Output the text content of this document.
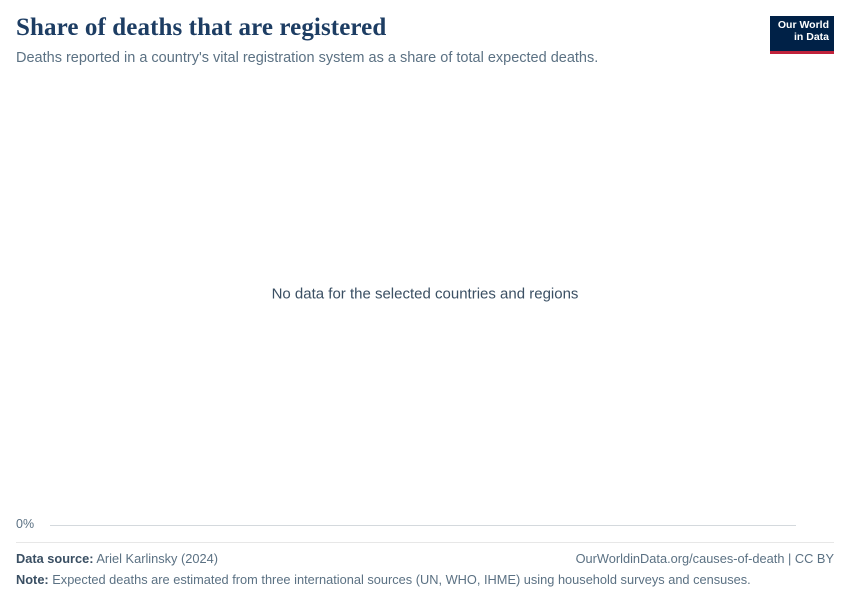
Share of deaths that are registered

Deaths reported in a country's vital registration system as a share of total expected deaths.

Our World
in Data
No data for the selected countries and regions
0%
Data source: Ariel Karlinsky (2024)	OurWorldinData.org/causes-of-death | CC BY
Note: Expected deaths are estimated from three international sources (UN, WHO, IHME) using household surveys and censuses.
